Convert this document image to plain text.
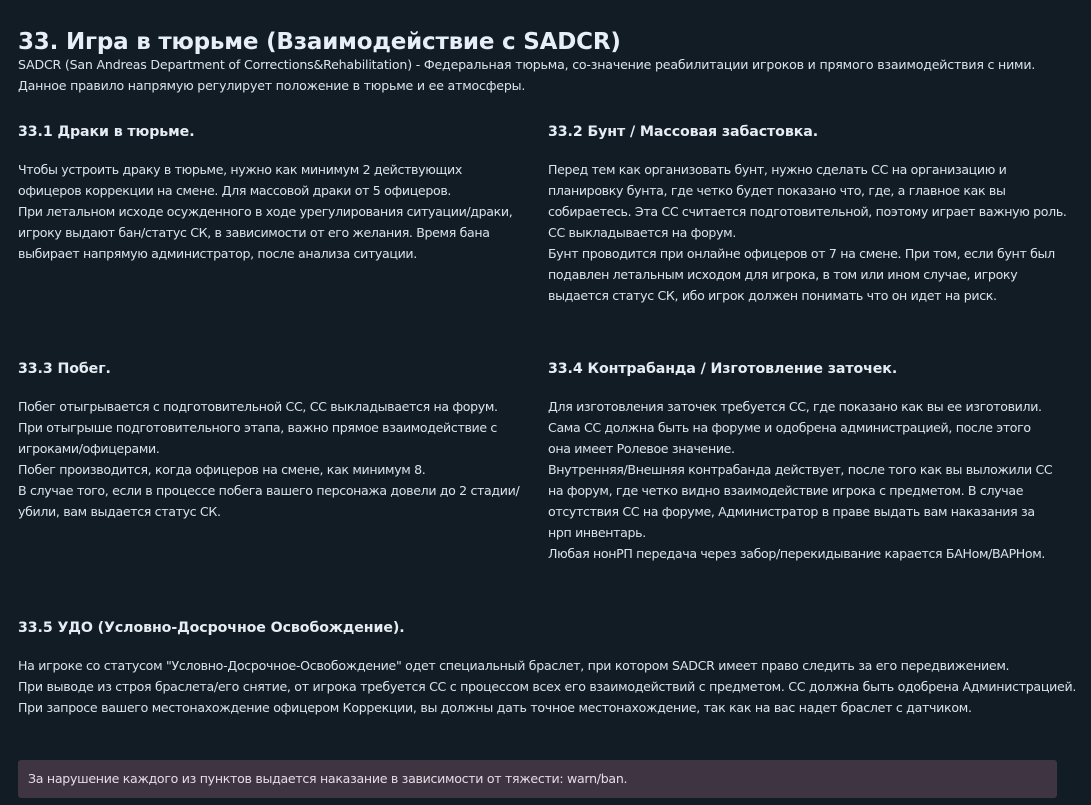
33. Игра в тюрьме (Взаимодействие с SADCR)
SADCR (San Andreas Department of Corrections&Rehabilitation) - Федеральная тюрьма, со-значение реабилитации игроков и прямого взаимодействия с ними. Данное правило напрямую регулирует положение в тюрьме и ее атмосферы.
33.1 Драки в тюрьме.

Чтобы устроить драку в тюрьме, нужно как минимум 2 действующих офицеров коррекции на смене. Для массовой драки от 5 офицеров.

При летальном исходе осужденного в ходе урегулирования ситуации/драки, игроку выдают бан/статус СК, в зависимости от его желания. Время бана выбирает напрямую администратор, после анализа ситуации.

33.2 Бунт / Массовая забастовка.

Перед тем как организовать бунт, нужно сделать СС на организацию и планировку бунта, где четко будет показано что, где, а главное как вы собираетесь. Эта СС считается подготовительной, поэтому играет важную роль. СС выкладывается на форум.

Бунт проводится при онлайне офицеров от 7 на смене. При том, если бунт был подавлен летальным исходом для игрока, в том или ином случае, игроку выдается статус СК, ибо игрок должен понимать что он идет на риск.

33.3 Побег.

Побег отыгрывается с подготовительной СС, СС выкладывается на форум.

При отыгрыше подготовительного этапа, важно прямое взаимодействие с игроками/офицерами.

Побег производится, когда офицеров на смене, как минимум 8.

В случае того, если в процессе побега вашего персонажа довели до 2 стадии/убили, вам выдается статус СК.

33.4 Контрабанда / Изготовление заточек.

Для изготовления заточек требуется СС, где показано как вы ее изготовили. Сама СС должна быть на форуме и одобрена администрацией, после этого она имеет Ролевое значение.

Внутренняя/Внешняя контрабанда действует, после того как вы выложили СС на форум, где четко видно взаимодействие игрока с предметом. В случае отсутствия СС на форуме, Администратор в праве выдать вам наказания за нрп инвентарь.

Любая нонРП передача через забор/перекидывание карается БАНом/ВАРНом.

33.5 УДО (Условно-Досрочное Освобождение).

На игроке со статусом "Условно-Досрочное-Освобождение" одет специальный браслет, при котором SADCR имеет право следить за его передвижением.

При выводе из строя браслета/его снятие, от игрока требуется СС с процессом всех его взаимодействий с предметом. СС должна быть одобрена Администрацией.

При запросе вашего местонахождение офицером Коррекции, вы должны дать точное местонахождение, так как на вас надет браслет с датчиком.

За нарушение каждого из пунктов выдается наказание в зависимости от тяжести: warn/ban.
